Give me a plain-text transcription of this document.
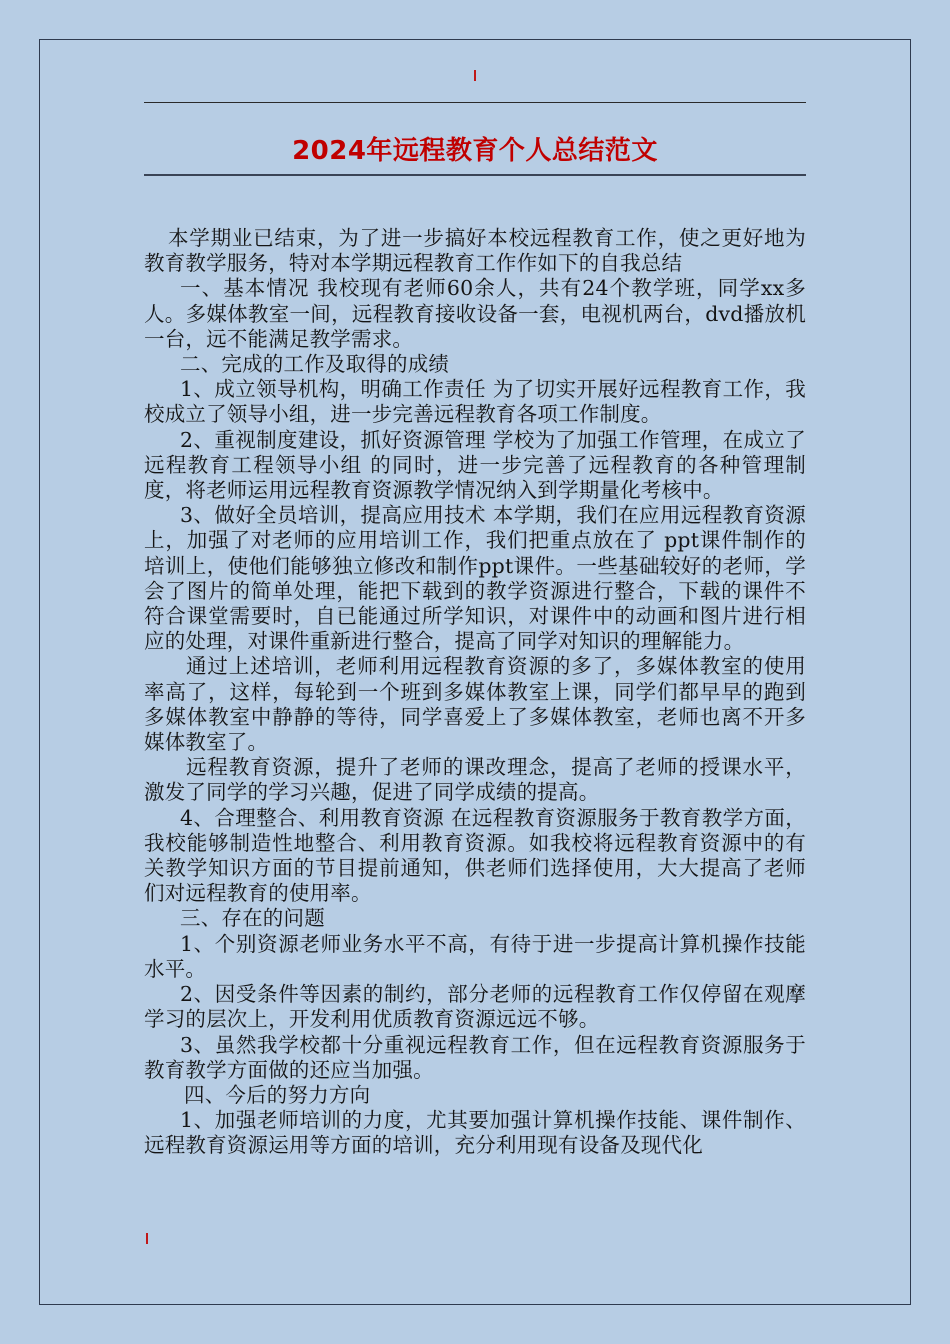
2024年远程教育个人总结范文

本学期业已结束，为了进一步搞好本校远程教育工作，使之更好地为教育教学服务，特对本学期远程教育工作作如下的自我总结

一、基本情况 我校现有老师60余人，共有24个教学班，同学xx多人。多媒体教室一间，远程教育接收设备一套，电视机两台，dvd播放机一台，远不能满足教学需求。

二、完成的工作及取得的成绩

1、成立领导机构，明确工作责任 为了切实开展好远程教育工作，我校成立了领导小组，进一步完善远程教育各项工作制度。

2、重视制度建设，抓好资源管理 学校为了加强工作管理，在成立了 远程教育工程领导小组 的同时，进一步完善了远程教育的各种管理制度，将老师运用远程教育资源教学情况纳入到学期量化考核中。

3、做好全员培训，提高应用技术 本学期，我们在应用远程教育资源上，加强了对老师的应用培训工作，我们把重点放在了 ppt课件制作的培训上，使他们能够独立修改和制作ppt课件。一些基础较好的老师，学会了图片的简单处理，能把下载到的教学资源进行整合，下载的课件不符合课堂需要时，自已能通过所学知识，对课件中的动画和图片进行相应的处理，对课件重新进行整合，提高了同学对知识的理解能力。

通过上述培训，老师利用远程教育资源的多了，多媒体教室的使用率高了，这样，每轮到一个班到多媒体教室上课，同学们都早早的跑到多媒体教室中静静的等待，同学喜爱上了多媒体教室，老师也离不开多媒体教室了。

远程教育资源，提升了老师的课改理念，提高了老师的授课水平，激发了同学的学习兴趣，促进了同学成绩的提高。

4、合理整合、利用教育资源 在远程教育资源服务于教育教学方面，我校能够制造性地整合、利用教育资源。如我校将远程教育资源中的有关教学知识方面的节目提前通知，供老师们选择使用，大大提高了老师们对远程教育的使用率。

三、存在的问题

1、个别资源老师业务水平不高，有待于进一步提高计算机操作技能水平。

2、因受条件等因素的制约，部分老师的远程教育工作仅停留在观摩学习的层次上，开发利用优质教育资源远远不够。

3、虽然我学校都十分重视远程教育工作，但在远程教育资源服务于教育教学方面做的还应当加强。

四、今后的努力方向

1、加强老师培训的力度，尤其要加强计算机操作技能、课件制作、远程教育资源运用等方面的培训，充分利用现有设备及现代化
